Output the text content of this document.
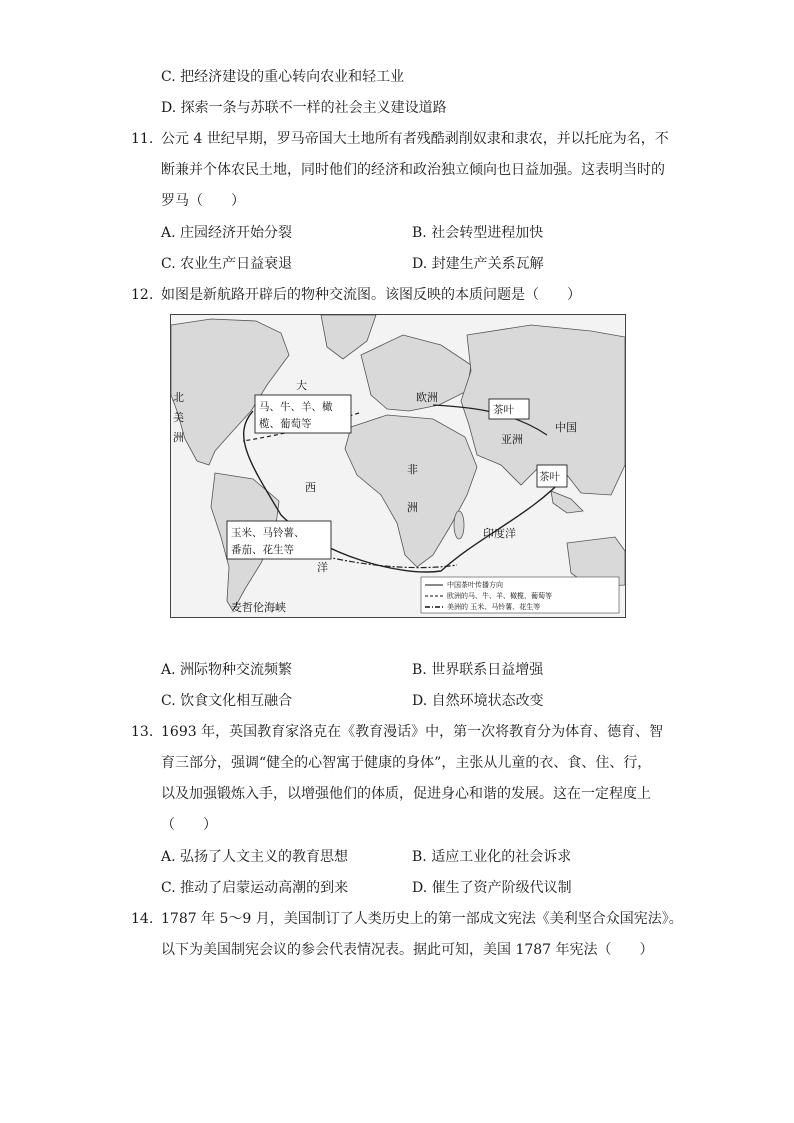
C. 把经济建设的重心转向农业和轻工业
D. 探索一条与苏联不一样的社会主义建设道路
11. 公元 4 世纪早期，罗马帝国大土地所有者残酷剥削奴隶和隶农，并以托庇为名，不
断兼并个体农民土地，同时他们的经济和政治独立倾向也日益加强。这表明当时的
罗马（　　）
A. 庄园经济开始分裂	B. 社会转型进程加快
C. 农业生产日益衰退	D. 封建生产关系瓦解
12. 如图是新航路开辟后的物种交流图。该图反映的本质问题是（　　）
大
北
美
洲
欧洲
亚洲
中国
非
洲
西
洋
印度洋
麦哲伦海峡
马、牛、羊、橄
榄、葡萄等
茶叶
茶叶
玉米、马铃薯、
番茄、花生等
中国茶叶传播方向
欧洲的马、牛、羊、橄榄、葡萄等
美洲的 玉米、马铃薯、花生等
A. 洲际物种交流频繁	B. 世界联系日益增强
C. 饮食文化相互融合	D. 自然环境状态改变
13. 1693 年，英国教育家洛克在《教育漫话》中，第一次将教育分为体育、德育、智
育三部分，强调“健全的心智寓于健康的身体”，主张从儿童的衣、食、住、行，
以及加强锻炼入手，以增强他们的体质，促进身心和谐的发展。这在一定程度上
（　　）
A. 弘扬了人文主义的教育思想	B. 适应工业化的社会诉求
C. 推动了启蒙运动高潮的到来	D. 催生了资产阶级代议制
14. 1787 年 5～9 月，美国制订了人类历史上的第一部成文宪法《美利坚合众国宪法》。
以下为美国制宪会议的参会代表情况表。据此可知，美国 1787 年宪法（　　）
